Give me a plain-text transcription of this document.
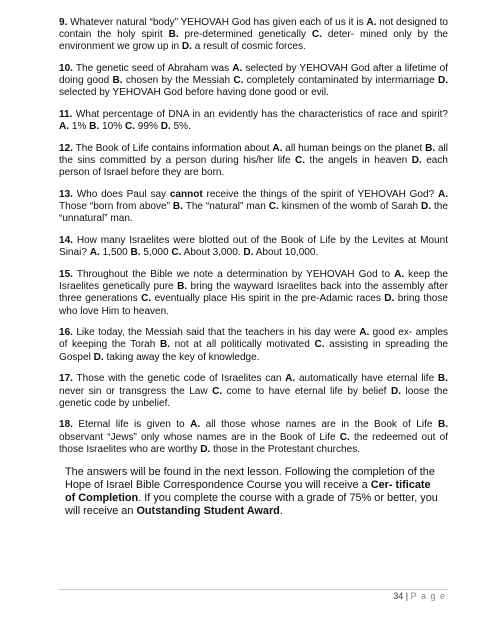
9. Whatever natural “body” YEHOVAH God has given each of us it is A. not designed to contain the holy spirit B. pre-determined genetically C. deter- mined only by the environment we grow up in D. a result of cosmic forces.

10. The genetic seed of Abraham was A. selected by YEHOVAH God after a lifetime of doing good B. chosen by the Messiah C. completely contaminated by intermarriage D. selected by YEHOVAH God before having done good or evil.

11. What percentage of DNA in an evidently has the characteristics of race and spirit? A. 1% B. 10% C. 99% D. 5%.

12. The Book of Life contains information about A. all human beings on the planet B. all the sins committed by a person during his/her life C. the angels in heaven D. each person of Israel before they are born.

13. Who does Paul say cannot receive the things of the spirit of YEHOVAH God? A. Those “born from above” B. The “natural” man C. kinsmen of the womb of Sarah D. the “unnatural” man.

14. How many Israelites were blotted out of the Book of Life by the Levites at Mount Sinai? A. 1,500 B. 5,000 C. About 3,000. D. About 10,000.

15. Throughout the Bible we note a determination by YEHOVAH God to A. keep the Israelites genetically pure B. bring the wayward Israelites back into the assembly after three generations C. eventually place His spirit in the pre-Adamic races D. bring those who love Him to heaven.

16. Like today, the Messiah said that the teachers in his day were A. good ex- amples of keeping the Torah B. not at all politically motivated C. assisting in spreading the Gospel D. taking away the key of knowledge.

17. Those with the genetic code of Israelites can A. automatically have eternal life B. never sin or transgress the Law C. come to have eternal life by belief D. loose the genetic code by unbelief.

18. Eternal life is given to A. all those whose names are in the Book of Life B. observant “Jews” only whose names are in the Book of Life C. the redeemed out of those Israelites who are worthy D. those in the Protestant churches.

The answers will be found in the next lesson. Following the completion of the Hope of Israel Bible Correspondence Course you will receive a Cer- tificate of Completion. If you complete the course with a grade of 75% or better, you will receive an Outstanding Student Award.

34 | P a g e
